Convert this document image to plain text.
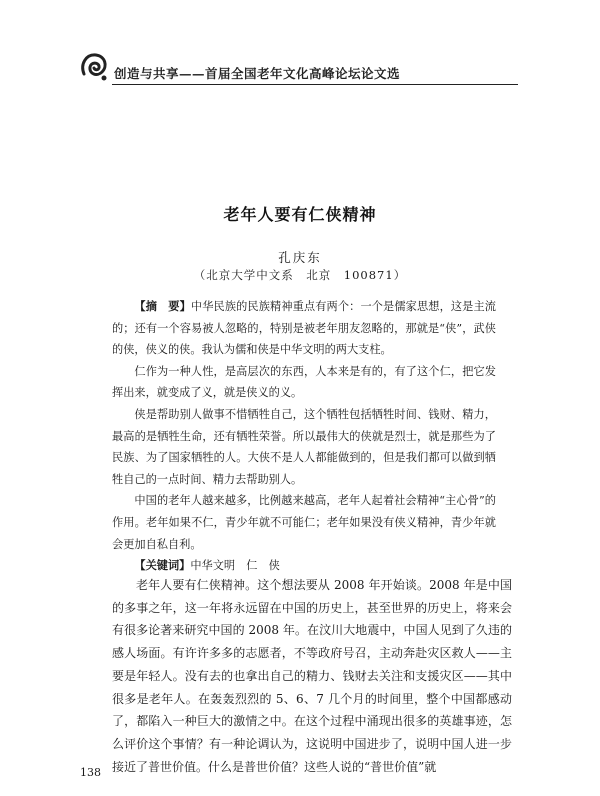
创造与共享——首届全国老年文化高峰论坛论文选
老年人要有仁侠精神
孔庆东
（北京大学中文系　北京　100871）

【摘　要】中华民族的民族精神重点有两个：一个是儒家思想，这是主流的；还有一个容易被人忽略的，特别是被老年朋友忽略的，那就是“侠”，武侠的侠，侠义的侠。我认为儒和侠是中华文明的两大支柱。

仁作为一种人性，是高层次的东西，人本来是有的，有了这个仁，把它发挥出来，就变成了义，就是侠义的义。

侠是帮助别人做事不惜牺牲自己，这个牺牲包括牺牲时间、钱财、精力，最高的是牺牲生命，还有牺牲荣誉。所以最伟大的侠就是烈士，就是那些为了民族、为了国家牺牲的人。大侠不是人人都能做到的，但是我们都可以做到牺牲自己的一点时间、精力去帮助别人。

中国的老年人越来越多，比例越来越高，老年人起着社会精神“主心骨”的作用。老年如果不仁，青少年就不可能仁；老年如果没有侠义精神，青少年就会更加自私自利。

【关键词】中华文明　仁　侠

老年人要有仁侠精神。这个想法要从 2008 年开始谈。2008 年是中国的多事之年，这一年将永远留在中国的历史上，甚至世界的历史上，将来会有很多论著来研究中国的 2008 年。在汶川大地震中，中国人见到了久违的感人场面。有许许多多的志愿者，不等政府号召，主动奔赴灾区救人——主要是年轻人。没有去的也拿出自己的精力、钱财去关注和支援灾区——其中很多是老年人。在轰轰烈烈的 5、6、7 几个月的时间里，整个中国都感动了，都陷入一种巨大的激情之中。在这个过程中涌现出很多的英雄事迹，怎么评价这个事情？有一种论调认为，这说明中国进步了，说明中国人进一步接近了普世价值。什么是普世价值？这些人说的“普世价值”就

138
